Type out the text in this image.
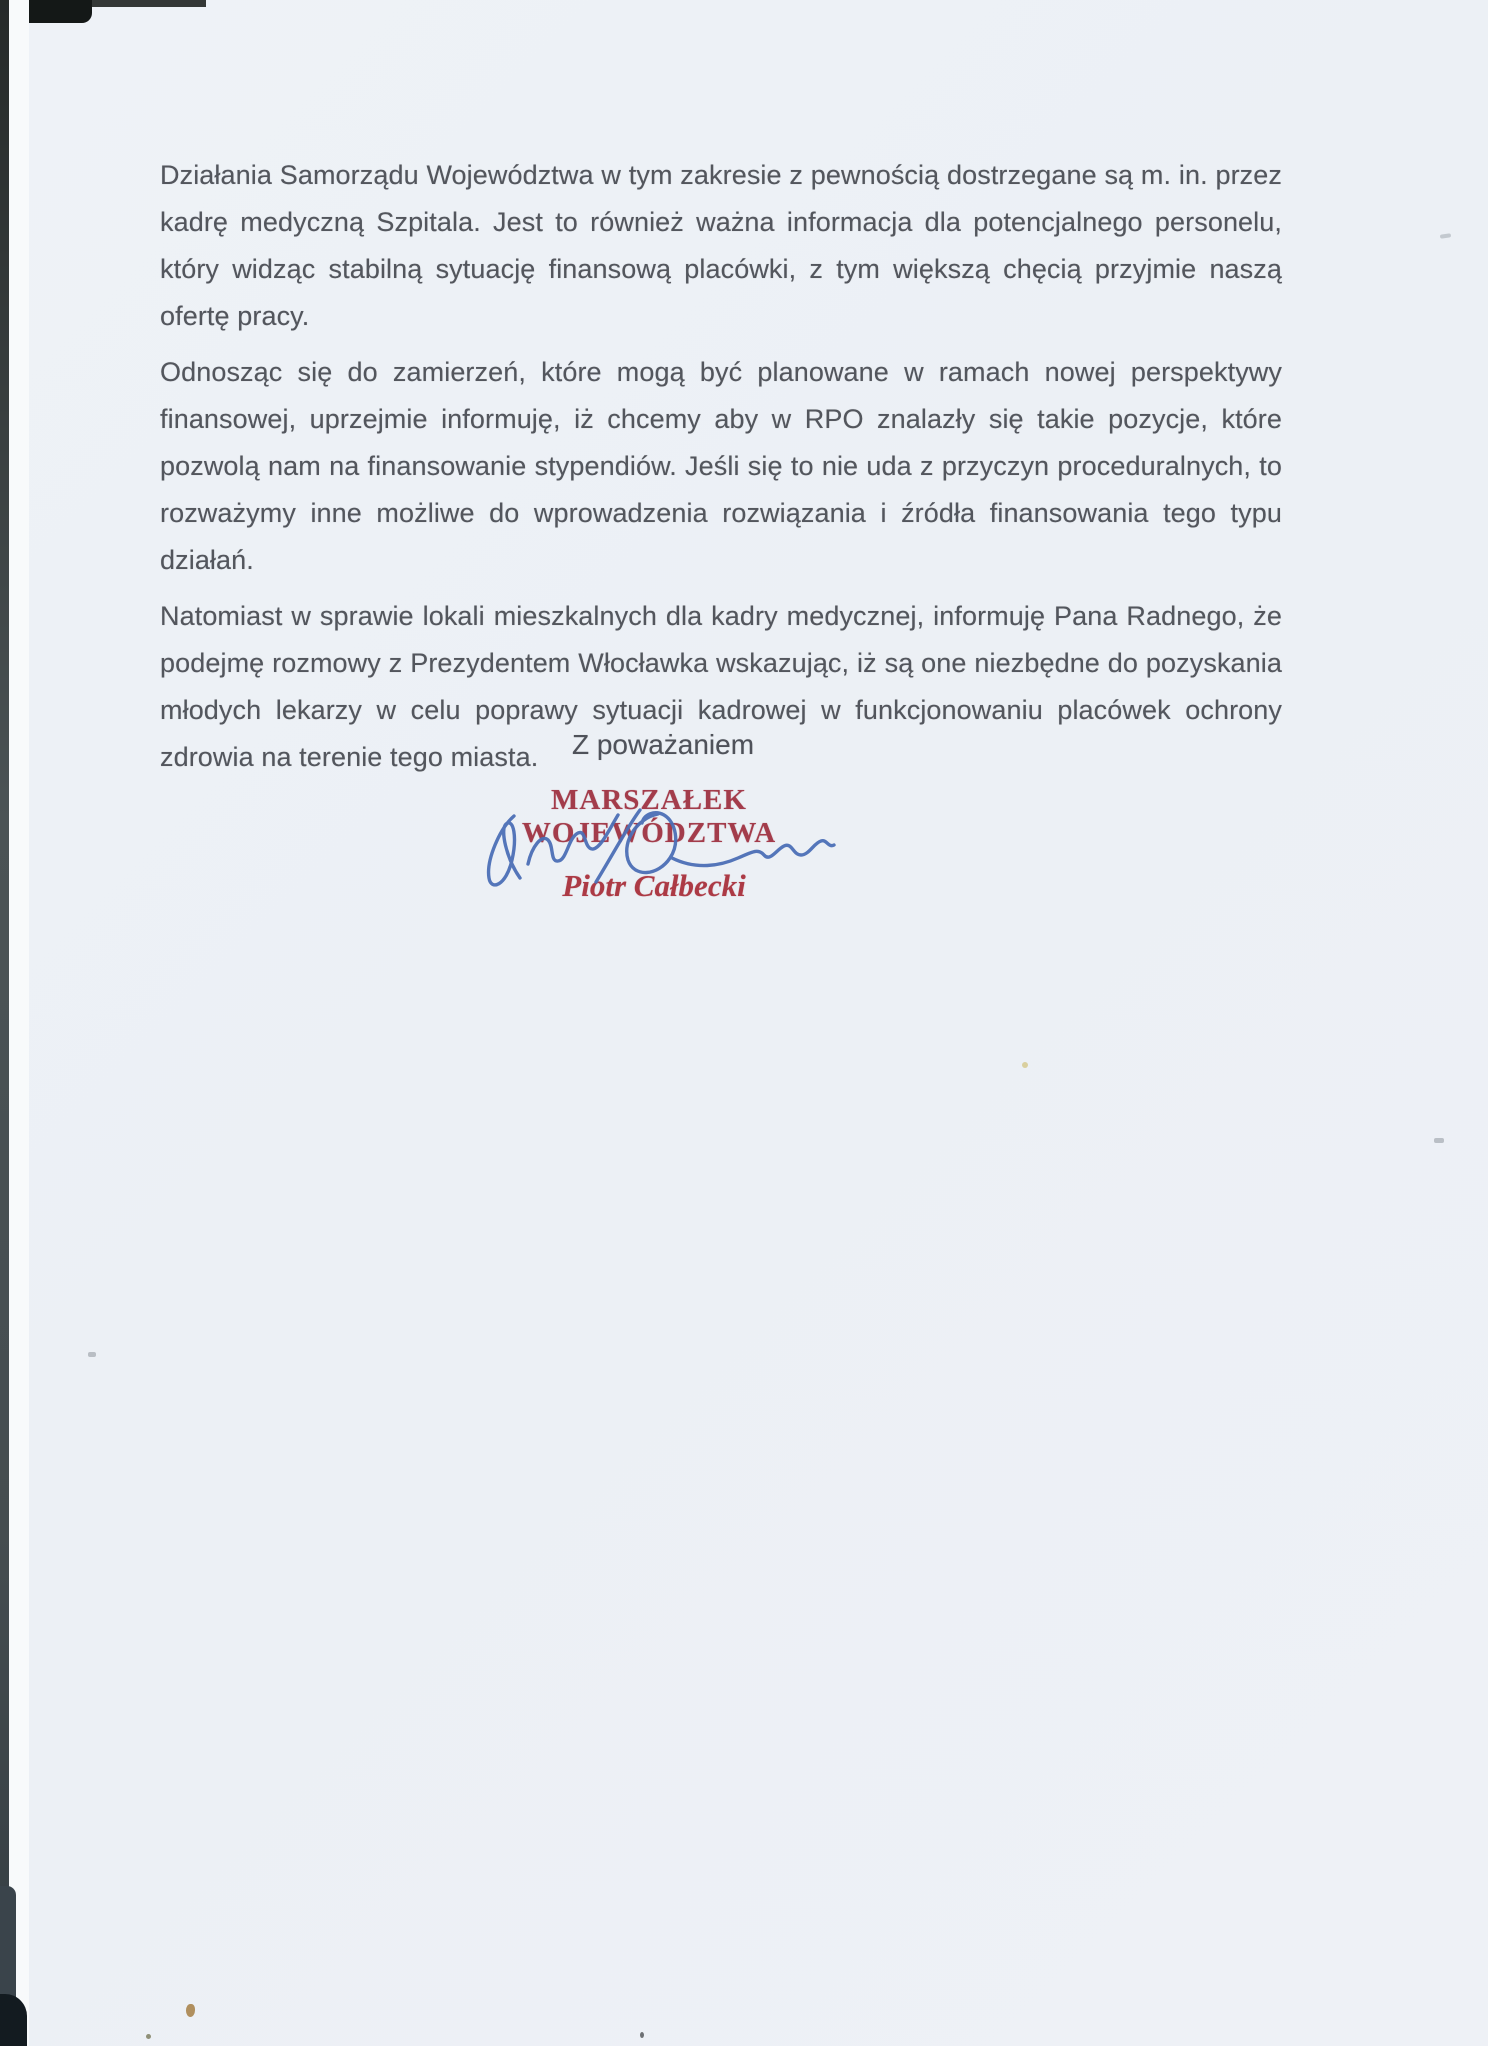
Działania Samorządu Województwa w tym zakresie z pewnością dostrzegane są m. in. przez kadrę medyczną Szpitala. Jest to również ważna informacja dla potencjalnego personelu, który widząc stabilną sytuację finansową placówki, z tym większą chęcią przyjmie naszą ofertę pracy.

Odnosząc się do zamierzeń, które mogą być planowane w ramach nowej perspektywy finansowej, uprzejmie informuję, iż chcemy aby w RPO znalazły się takie pozycje, które pozwolą nam na finansowanie stypendiów. Jeśli się to nie uda z przyczyn proceduralnych, to rozważymy inne możliwe do wprowadzenia rozwiązania i źródła finansowania tego typu działań.

Natomiast w sprawie lokali mieszkalnych dla kadry medycznej, informuję Pana Radnego, że podejmę rozmowy z Prezydentem Włocławka wskazując, iż są one niezbędne do pozyskania młodych lekarzy w celu poprawy sytuacji kadrowej w funkcjonowaniu placówek ochrony zdrowia na terenie tego miasta.	Z poważaniem
MARSZAŁEK WOJEWÓDZTWA
Piotr Całbecki
